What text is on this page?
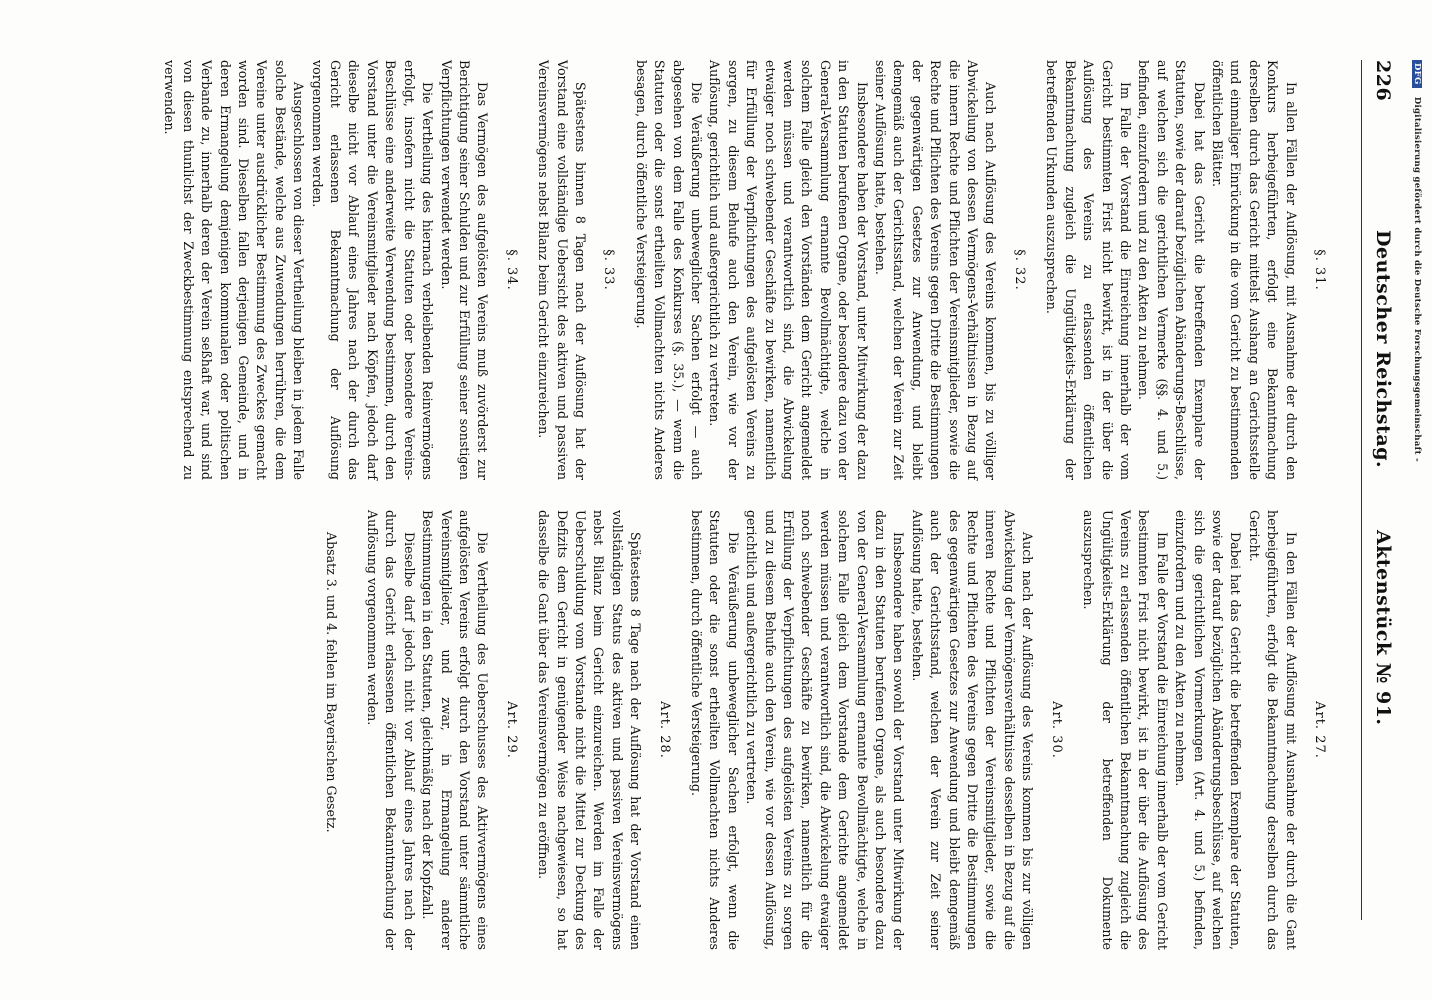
DFG Digitalisierung gefördert durch die Deutsche Forschungsgemeinschaft -
226
Deutscher Reichstag.
Aktenstück № 91.
§. 31.

In allen Fällen der Auflösung, mit Ausnahme der durch den Konkurs herbeigeführten, erfolgt eine Bekanntmachung derselben durch das Gericht mittelst Aushang an Gerichtsstelle und einmaliger Einrückung in die vom Gericht zu bestimmenden öffentlichen Blätter.

Dabei hat das Gericht die betreffenden Exemplare der Statuten, sowie der darauf bezüglichen Abänderungs-Beschlüsse, auf welchen sich die gerichtlichen Vermerke (§§. 4. und 5.) befinden, einzufordern und zu den Akten zu nehmen.

Im Falle der Vorstand die Einreichung innerhalb der vom Gericht bestimmten Frist nicht bewirkt, ist in der über die Auflösung des Vereins zu erlassenden öffentlichen Bekanntmachung zugleich die Ungültigkeits-Erklärung der betreffenden Urkunden auszusprechen.

§. 32.

Auch nach Auflösung des Vereins kommen, bis zu völliger Abwickelung von dessen Vermögens-Verhältnissen in Bezug auf die innern Rechte und Pflichten der Vereinsmitglieder, sowie die Rechte und Pflichten des Vereins gegen Dritte die Bestimmungen der gegenwärtigen Gesetzes zur Anwendung, und bleibt demgemäß auch der Gerichtsstand, welchen der Verein zur Zeit seiner Auflösung hatte, bestehen.

Insbesondere haben der Vorstand, unter Mitwirkung der dazu in den Statuten berufenen Organe, oder besondere dazu von der General-Versammlung ernannte Bevollmächtigte, welche in solchem Falle gleich den Vorständen dem Gericht angemeldet werden müssen und verantwortlich sind, die Abwickelung etwaiger noch schwebender Geschäfte zu bewirken, namentlich für Erfüllung der Verpflichtungen des aufgelösten Vereins zu sorgen, zu diesem Behufe auch den Verein, wie vor der Auflösung, gerichtlich und außergerichtlich zu vertreten.

Die Veräußerung unbeweglicher Sachen erfolgt — auch abgesehen von dem Falle des Konkurses (§. 35.), — wenn die Statuten oder die sonst ertheilten Vollmachten nichts Anderes besagen, durch öffentliche Versteigerung.

§. 33.

Spätestens binnen 8 Tagen nach der Auflösung hat der Vorstand eine vollständige Uebersicht des aktiven und passiven Vereinsvermögens nebst Bilanz beim Gericht einzureichen.

§. 34.

Das Vermögen des aufgelösten Vereins muß zuvörderst zur Berichtigung seiner Schulden und zur Erfüllung seiner sonstigen Verpflichtungen verwendet werden.

Die Vertheilung des hiernach verbleibenden Reinvermögens erfolgt, insofern nicht die Statuten oder besondere Vereins-Beschlüsse eine anderweite Verwendung bestimmen, durch den Vorstand unter die Vereinsmitglieder nach Köpfen, jedoch darf dieselbe nicht vor Ablauf eines Jahres nach der durch das Gericht erlassenen Bekanntmachung der Auflösung vorgenommen werden.

Ausgeschlossen von dieser Vertheilung bleiben in jedem Falle solche Bestände, welche aus Zuwendungen herrühren, die dem Vereine unter ausdrücklicher Bestimmung des Zweckes gemacht worden sind. Dieselben fallen derjenigen Gemeinde, und in deren Ermangelung demjenigen kommunalen oder politischen Verbande zu, innerhalb deren der Verein seßhaft war, und sind von diesen thunlichst der Zweckbestimmung entsprechend zu verwenden.

Art. 27.

In den Fällen der Auflösung mit Ausnahme der durch die Gant herbeigeführten, erfolgt die Bekanntmachung derselben durch das Gericht.

Dabei hat das Gericht die betreffenden Exemplare der Statuten, sowie der darauf bezüglichen Abänderungsbeschlüsse, auf welchen sich die gerichtlichen Vormerkungen (Art. 4. und 5.) befinden, einzufordern und zu den Akten zu nehmen.

Im Falle der Vorstand die Einreichung innerhalb der vom Gericht bestimmten Frist nicht bewirkt, ist in der über die Auflösung des Vereins zu erlassenden öffentlichen Bekanntmachung zugleich die Ungültigkeits-Erklärung der betreffenden Dokumente auszusprechen.

Art. 30.

Auch nach der Auflösung des Vereins kommen bis zur völligen Abwickelung der Vermögensverhältnisse desselben in Bezug auf die inneren Rechte und Pflichten der Vereinsmitglieder, sowie die Rechte und Pflichten des Vereins gegen Dritte die Bestimmungen des gegenwärtigen Gesetzes zur Anwendung und bleibt demgemäß auch der Gerichtsstand, welchen der Verein zur Zeit seiner Auflösung hatte, bestehen.

Insbesondere haben sowohl der Vorstand unter Mitwirkung der dazu in den Statuten berufenen Organe, als auch besondere dazu von der General-Versammlung ernannte Bevollmächtigte, welche in solchem Falle gleich dem Vorstande dem Gerichte angemeldet werden müssen und verantwortlich sind, die Abwickelung etwaiger noch schwebender Geschäfte zu bewirken, namentlich für die Erfüllung der Verpflichtungen des aufgelösten Vereins zu sorgen und zu diesem Behufe auch den Verein, wie vor dessen Auflösung, gerichtlich und außergerichtlich zu vertreten.

Die Veräußerung unbeweglicher Sachen erfolgt, wenn die Statuten oder die sonst ertheilten Vollmachten nichts Anderes bestimmen, durch öffentliche Versteigerung.

Art. 28.

Spätestens 8 Tage nach der Auflösung hat der Vorstand einen vollständigen Status des aktiven und passiven Vereinsvermögens nebst Bilanz beim Gericht einzureichen. Werden im Falle der Ueberschuldung vom Vorstande nicht die Mittel zur Deckung des Defizits dem Gericht in genügender Weise nachgewiesen, so hat dasselbe die Gant über das Vereinsvermögen zu eröffnen.

Art. 29.

Die Vertheilung des Ueberschusses des Aktivvermögens eines aufgelösten Vereins erfolgt durch den Vorstand unter sämmtliche Vereinsmitglieder, und zwar, in Ermangelung anderer Bestimmungen in den Statuten, gleichmäßig nach der Kopfzahl.

Dieselbe darf jedoch nicht vor Ablauf eines Jahres nach der durch das Gericht erlassenen öffentlichen Bekanntmachung der Auflösung vorgenommen werden.

Absatz 3. und 4. fehlen im Bayerischen Gesetz.
